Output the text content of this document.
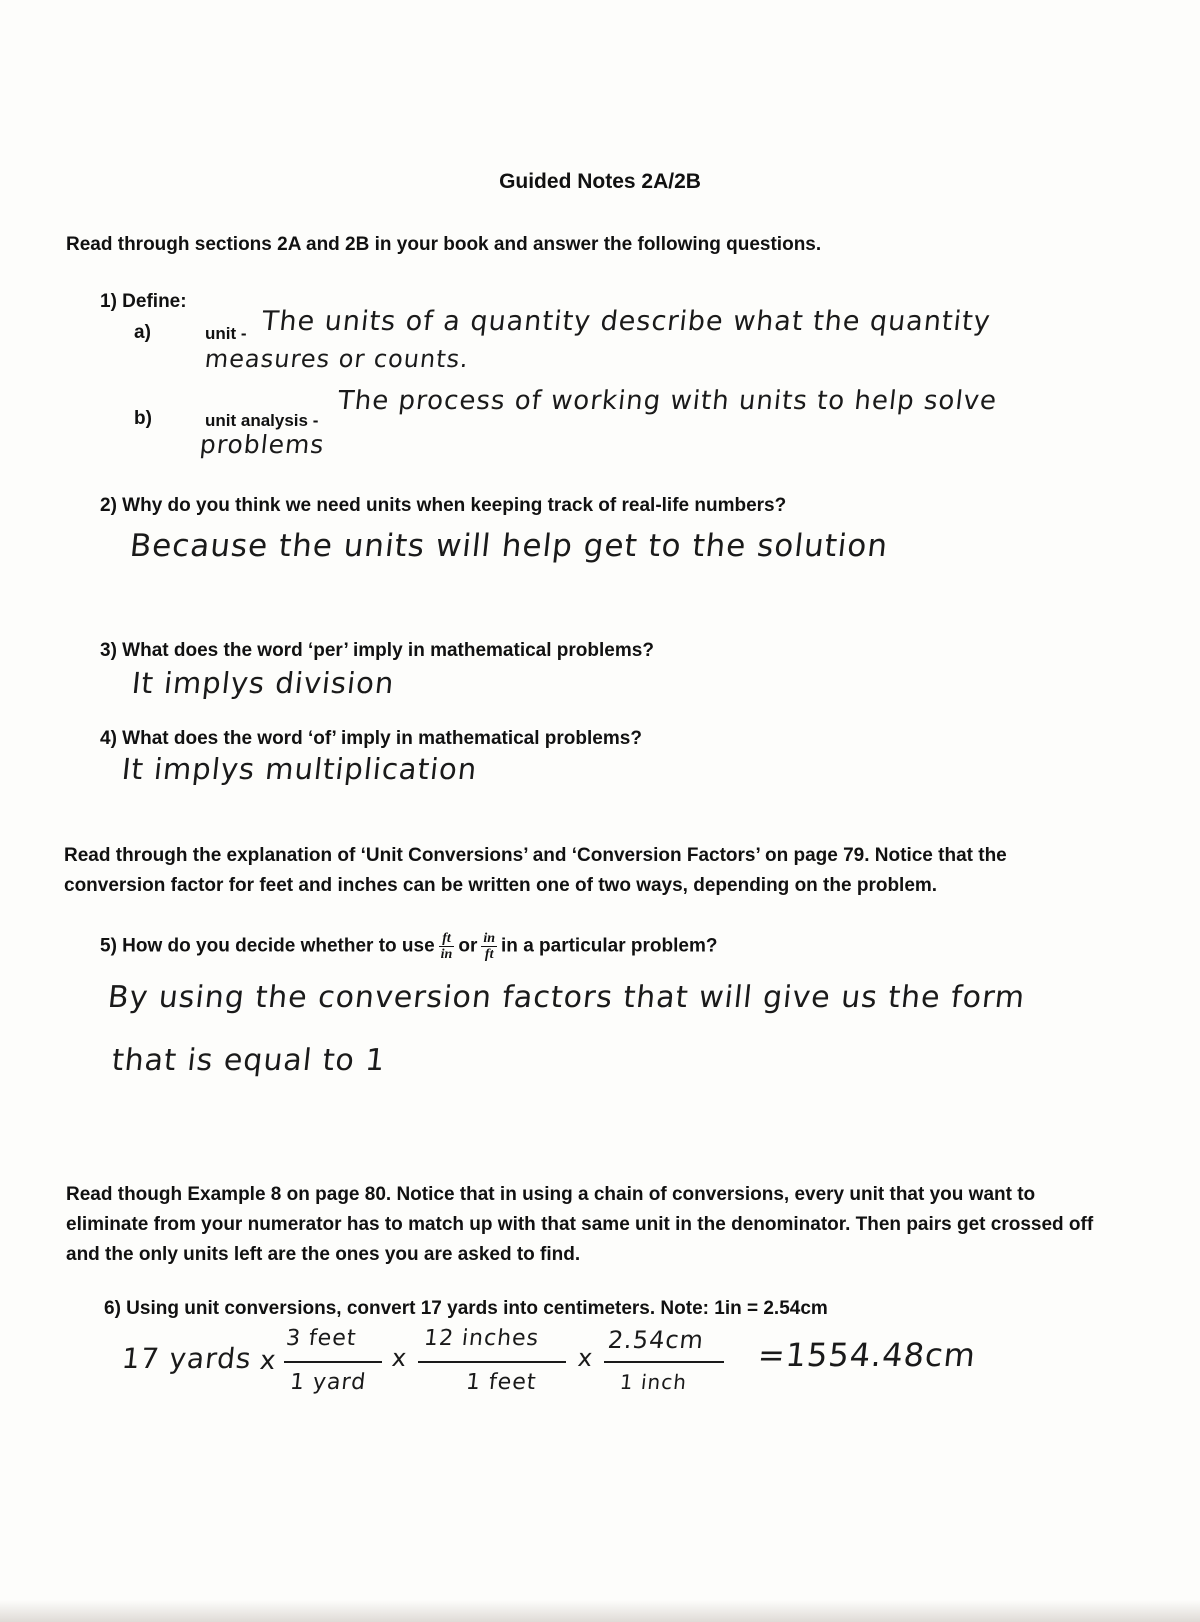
Guided Notes 2A/2B
Read through sections 2A and 2B in your book and answer the following questions.
1) Define:
a)	unit - The units of a quantity describe what the quantity
measures or counts.
b)	unit analysis -
The process of working with units to help solve
problems
2) Why do you think we need units when keeping track of real-life numbers?
Because the units will help get to the solution
3) What does the word ‘per’ imply in mathematical problems?
It implys division
4) What does the word ‘of’ imply in mathematical problems?
It implys multiplication
Read through the explanation of ‘Unit Conversions’ and ‘Conversion Factors’ on page 79. Notice that the conversion factor for feet and inches can be written one of two ways, depending on the problem.
5) How do you decide whether to use $\frac{ft}{in}$ or $\frac{in}{ft}$ in a particular problem?
By using the conversion factors that will give us the form
that is equal to 1
Read though Example 8 on page 80. Notice that in using a chain of conversions, every unit that you want to eliminate from your numerator has to match up with that same unit in the denominator. Then pairs get crossed off and the only units left are the ones you are asked to find.
6) Using unit conversions, convert 17 yards into centimeters. Note: 1in = 2.54cm
17 yards x
3 feet
1 yard
x
12 inches
1 feet
x
2.54cm
1 inch
=1554.48cm
